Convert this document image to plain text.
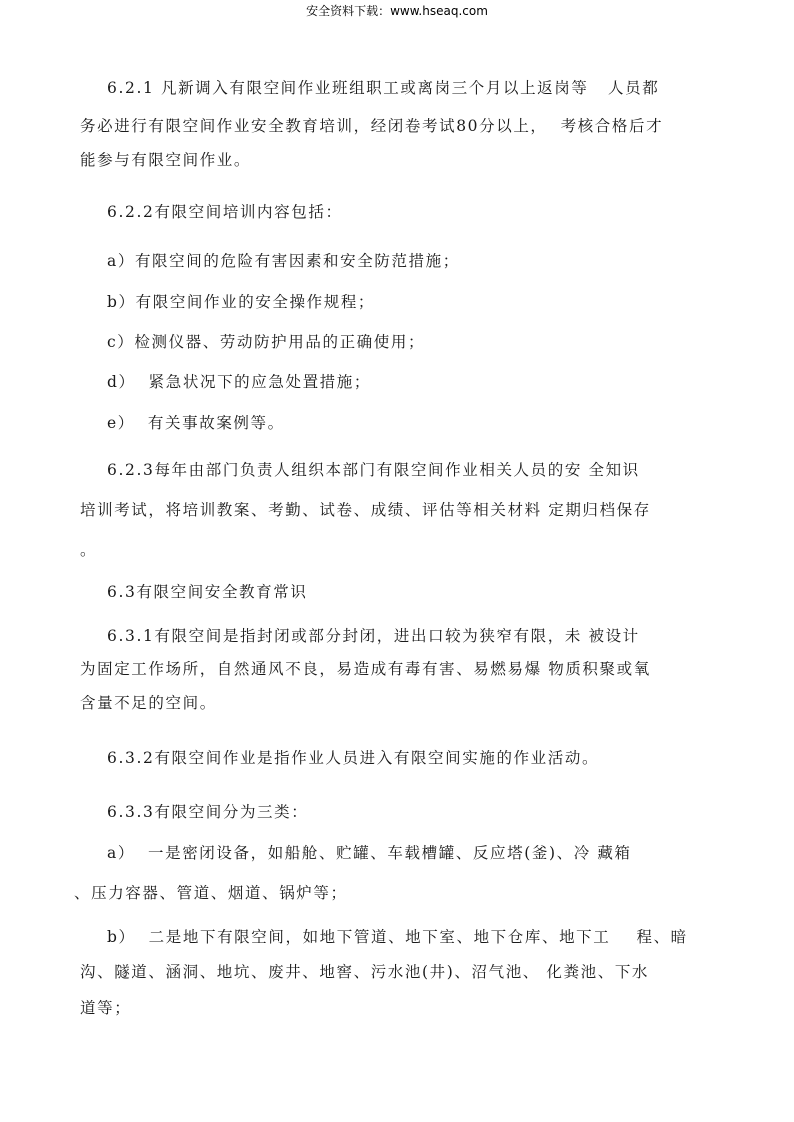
安全资料下载：www.hseaq.com
6.2.1 凡新调入有限空间作业班组职工或离岗三个月以上返岗等   人员都
务必进行有限空间作业安全教育培训，经闭卷考试80分以上，  考核合格后才
能参与有限空间作业。
6.2.2有限空间培训内容包括：
a）有限空间的危险有害因素和安全防范措施；
b）有限空间作业的安全操作规程；
c）检测仪器、劳动防护用品的正确使用；
d）  紧急状况下的应急处置措施；
e）  有关事故案例等。
6.2.3每年由部门负责人组织本部门有限空间作业相关人员的安 全知识
培训考试，将培训教案、考勤、试卷、成绩、评估等相关材料 定期归档保存
。
6.3有限空间安全教育常识
6.3.1有限空间是指封闭或部分封闭，进出口较为狭窄有限，未 被设计
为固定工作场所，自然通风不良，易造成有毒有害、易燃易爆 物质积聚或氧
含量不足的空间。
6.3.2有限空间作业是指作业人员进入有限空间实施的作业活动。
6.3.3有限空间分为三类：
a）  一是密闭设备，如船舱、贮罐、车载槽罐、反应塔(釜)、冷 藏箱
、压力容器、管道、烟道、锅炉等；
b）  二是地下有限空间，如地下管道、地下室、地下仓库、地下工    程、暗
沟、隧道、涵洞、地坑、废井、地窖、污水池(井)、沼气池、 化粪池、下水
道等；
